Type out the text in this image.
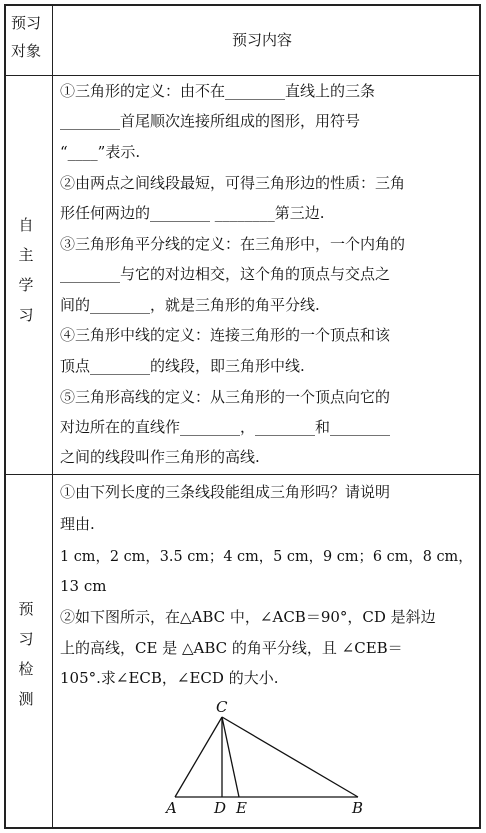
预习
对象
预习内容
自
主
学
习
①三角形的定义：由不在________直线上的三条
________首尾顺次连接所组成的图形，用符号
“____”表示.
②由两点之间线段最短，可得三角形边的性质：三角
形任何两边的________ ________第三边.
③三角形角平分线的定义：在三角形中，一个内角的
________与它的对边相交，这个角的顶点与交点之
间的________，就是三角形的角平分线.
④三角形中线的定义：连接三角形的一个顶点和该
顶点________的线段，即三角形中线.
⑤三角形高线的定义：从三角形的一个顶点向它的
对边所在的直线作________，________和________
之间的线段叫作三角形的高线.
预
习
检
测
①由下列长度的三条线段能组成三角形吗？请说明
理由.
1 cm，2 cm，3.5 cm；4 cm，5 cm，9 cm；6 cm，8 cm，
13 cm
②如下图所示，在△ABC 中，∠ACB＝90°，CD 是斜边
上的高线，CE 是 △ABC 的角平分线，且 ∠CEB＝
105°.求∠ECB，∠ECD 的大小.
C
A D E	B
